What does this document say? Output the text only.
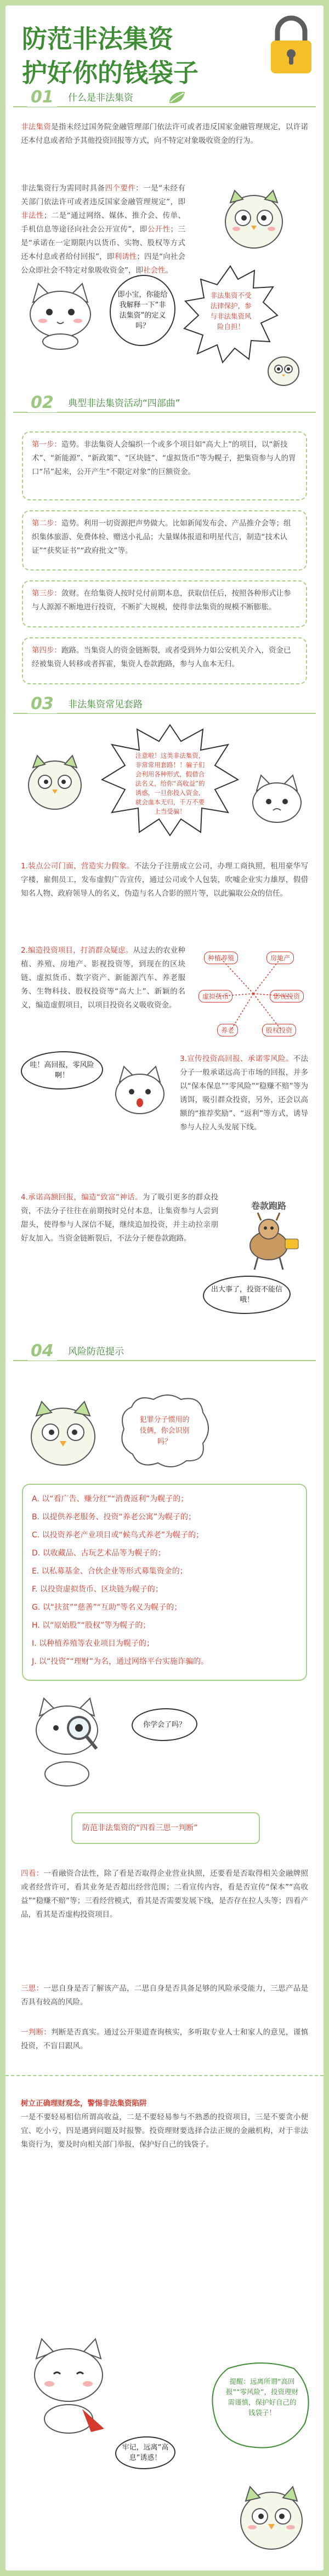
防范非法集资
护好你的钱袋子
01	什么是非法集资
非法集资是指未经过国务院金融管理部门依法许可或者违反国家金融管理规定，以许诺还本付息或者给予其他投资回报等方式，向不特定对象吸收资金的行为。
非法集资行为需同时具备四个要件：一是“未经有关部门依法许可或者违反国家金融管理规定”，即非法性；二是“通过网络、媒体、推介会、传单、手机信息等途径向社会公开宣传”，即公开性；三是“承诺在一定期限内以货币、实物、股权等方式还本付息或者给付回报”，即利诱性；四是“向社会公众即社会不特定对象吸收资金”，即社会性。
即小宝，你能给我解释一下“非法集资”的定义吗？
非法集资不受法律保护，参与非法集资风险自担！
02	典型非法集资活动“四部曲”
第一步：造势。非法集资人会编织一个或多个项目如“高大上”的项目，以“新技术”、“新能源”、“新政策”、“区块链”、“虚拟货币”等为幌子，把集资参与人的胃口“吊”起来，公开产生“不限定对象”的巨额资金。
第二步：造势。利用一切资源把声势做大。比如新闻发布会、产品推介会等；组织集体旅游、免费体检、赠送小礼品；大量媒体报道和明星代言，制造“技术认证”“获奖证书”“政府批文”等。
第三步：敛财。在给集资人按时兑付前期本息，获取信任后，按照各种形式让参与人源源不断地进行投资，不断扩大规模，使得非法集资的规模不断膨胀。
第四步：跑路。当集资人的资金链断裂，或者受到外力如公安机关介入，资金已经被集资人转移或者挥霍，集资人卷款跑路，参与人血本无归。
03	非法集资常见套路
注意啦！这类非法集资，非常常用套路！！骗子们会利用各种形式，假借合法名义，给你“高收益”的诱惑，一旦你投入资金，就会血本无归，千万不要上当受骗！
1.装点公司门面，营造实力假象。不法分子注册成立公司，办理工商执照，租用豪华写字楼，雇佣员工，发布虚假广告宣传，通过公司或个人包装，吹嘘企业实力雄厚，假借知名人物、政府领导人的名义，伪造与名人合影的照片等，以此骗取公众的信任。
2.编造投资项目，打消群众疑虑。从过去的农业种植、养殖、房地产、影视投资等，到现在的区块链、虚拟货币、数字资产、新能源汽车、养老服务、生物科技、股权投资等“高大上”、新颖的名义，编造虚假项目，以项目投资名义吸收资金。
种植养殖	房地产
虚拟货币	影视投资
养老	股权投资
哇！高回报，零风险啊！
3.宣传投资高回报、承诺零风险。不法分子一般承诺远高于市场的回报，并多以“保本保息”“零风险”“稳赚不赔”等为诱饵，吸引群众投资，另外，还会以高额的“推荐奖励”、“返利”等方式，诱导参与人拉人头发展下线。
4.承诺高额回报，编造“致富”神话。为了吸引更多的群众投资，不法分子往往在前期按时兑付本息，让集资参与人尝到甜头，使得参与人深信不疑，继续追加投资，并主动拉亲朋好友加入。当资金链断裂后，不法分子便卷款跑路。
卷款跑路
出大事了，投资不能信哦！
04	风险防范提示
犯罪分子惯用的伎俩，你会识别吗？
A. 以“看广告、赚分红”“消费返利”为幌子的；
B. 以提供养老服务、投资“养老公寓”为幌子的；
C. 以投资养老产业项目或“候鸟式养老”为幌子的；
D. 以收藏品、古玩艺术品等为幌子的；
E. 以私募基金、合伙企业等形式募集资金的；
F. 以投资虚拟货币、区块链为幌子的；
G. 以“扶贫”“慈善”“互助”等名义为幌子的；
H. 以“原始股”“股权”等为幌子的；
I. 以种植养殖等农业项目为幌子的；
J. 以“投资”“理财”为名，通过网络平台实施诈骗的。
你学会了吗？
防范非法集资的“四看三思一判断”
四看：一看融资合法性，除了看是否取得企业营业执照，还要看是否取得相关金融牌照或者经营许可，看其业务是否超出经营范围；二看宣传内容，看是否宣传“保本”“高收益”“稳赚不赔”等；三看经营模式，看其是否需要发展下线，是否存在拉人头等；四看产品，看其是否虚构投资项目。
三思：一思自身是否了解该产品，二思自身是否具备足够的风险承受能力，三思产品是否具有较高的风险。
一判断：判断是否真实。通过公开渠道查询核实，多听取专业人士和家人的意见，谨慎投资，不盲目跟风。
树立正确理财观念，警惕非法集资陷阱
一是不要轻易相信所谓高收益，二是不要轻易参与不熟悉的投资项目，三是不要贪小便宜、吃小亏，四是遇到问题及时报警。投资理财要选择合法正规的金融机构，对于非法集资行为，要及时向相关部门举报，保护好自己的钱袋子。
牢记，远离“高息”诱惑！
提醒：远离所谓“高回报”“零风险”，投资理财需谨慎，保护好自己的钱袋子！
